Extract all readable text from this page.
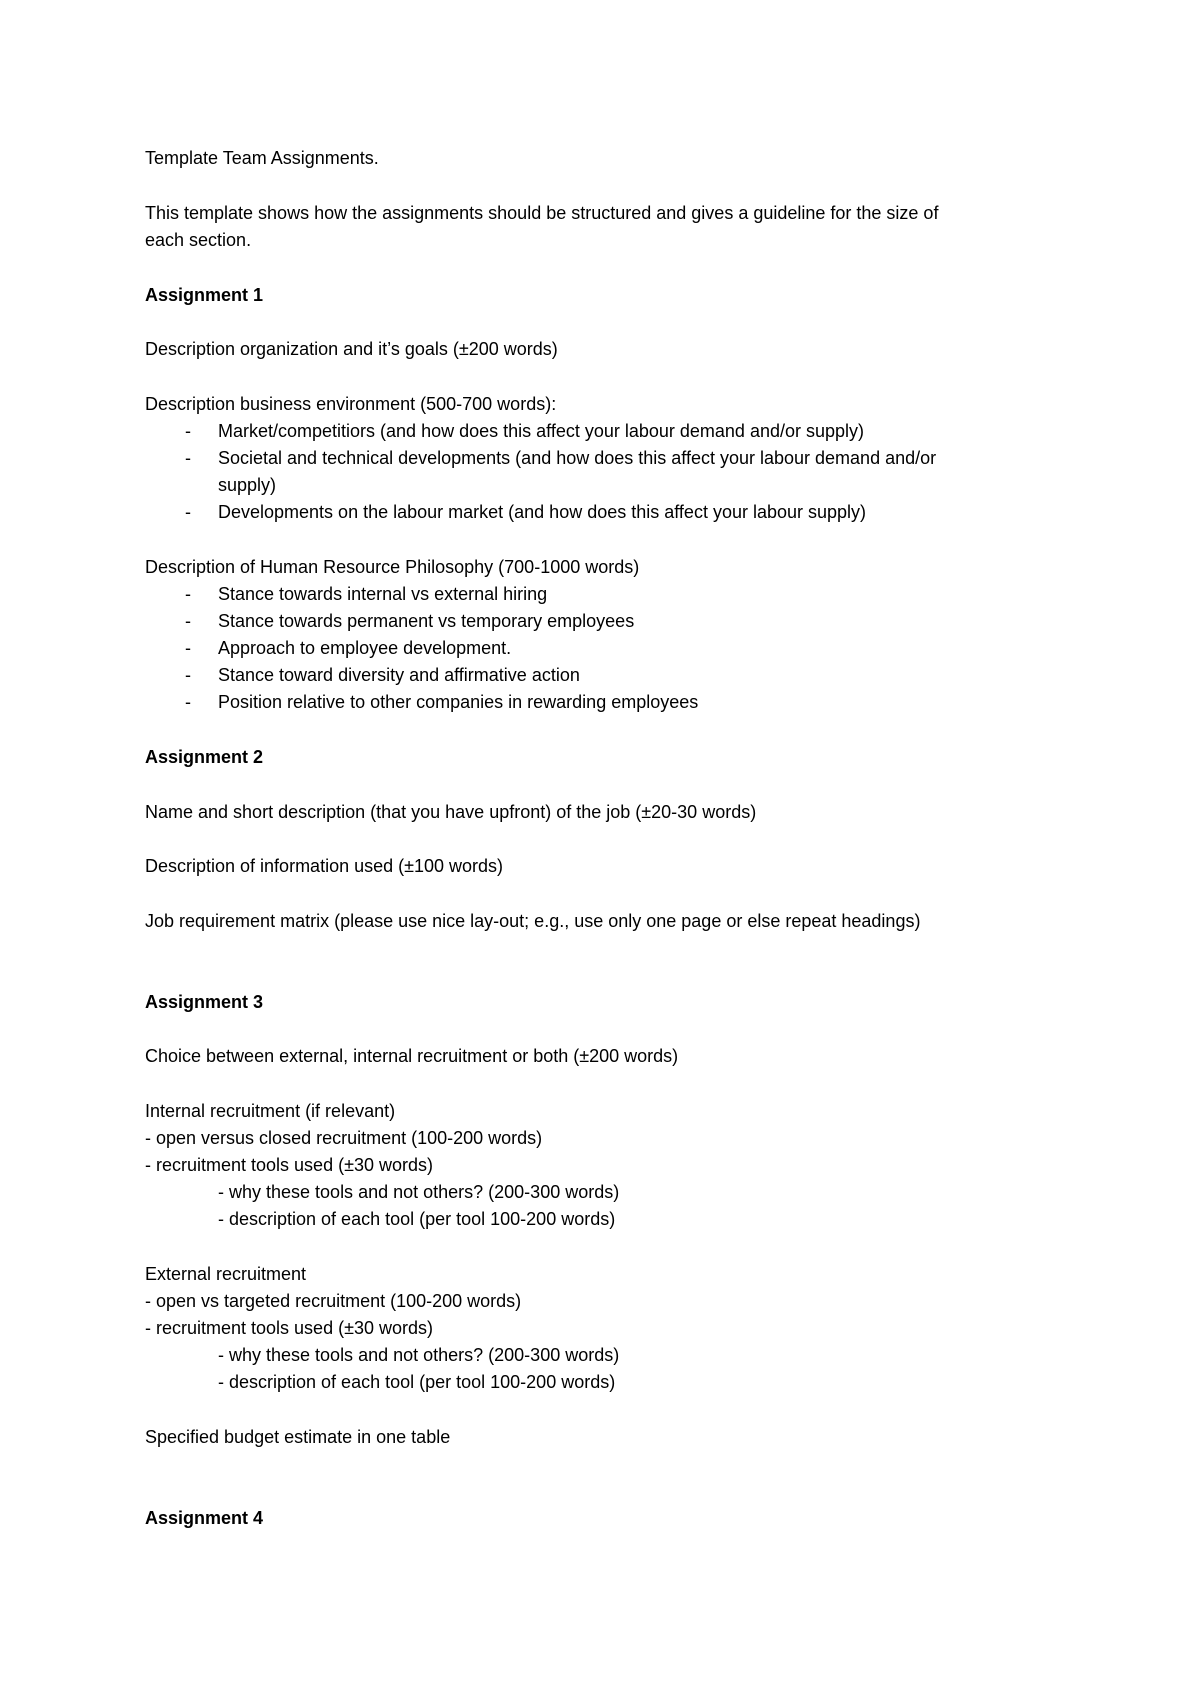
Template Team Assignments.
This template shows how the assignments should be structured and gives a guideline for the size of
each section.
Assignment 1
Description organization and it’s goals (±200 words)
Description business environment (500-700 words):
- Market/competitiors (and how does this affect your labour demand and/or supply)
- Societal and technical developments (and how does this affect your labour demand and/or
supply)
- Developments on the labour market (and how does this affect your labour supply)
Description of Human Resource Philosophy (700-1000 words)
- Stance towards internal vs external hiring
- Stance towards permanent vs temporary employees
- Approach to employee development.
- Stance toward diversity and affirmative action
- Position relative to other companies in rewarding employees
Assignment 2
Name and short description (that you have upfront) of the job (±20-30 words)
Description of information used (±100 words)
Job requirement matrix (please use nice lay-out; e.g., use only one page or else repeat headings)
Assignment 3
Choice between external, internal recruitment or both (±200 words)
Internal recruitment (if relevant)
- open versus closed recruitment (100-200 words)
- recruitment tools used (±30 words)
- why these tools and not others? (200-300 words)
- description of each tool (per tool 100-200 words)
External recruitment
- open vs targeted recruitment (100-200 words)
- recruitment tools used (±30 words)
- why these tools and not others? (200-300 words)
- description of each tool (per tool 100-200 words)
Specified budget estimate in one table
Assignment 4
